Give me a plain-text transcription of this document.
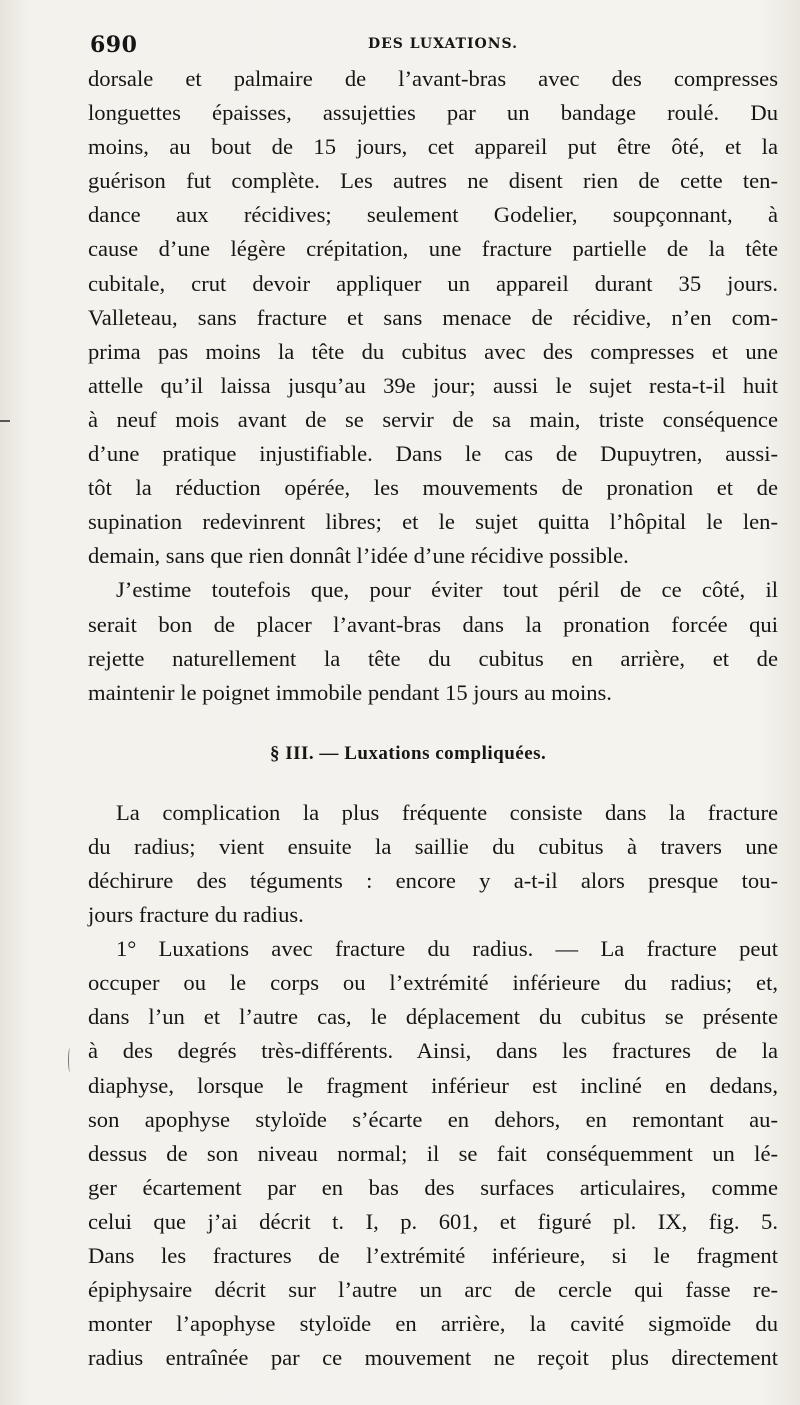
690	DES LUXATIONS.
dorsale et palmaire de l’avant-bras avec des compresses
longuettes épaisses, assujetties par un bandage roulé. Du
moins, au bout de 15 jours, cet appareil put être ôté, et la
guérison fut complète. Les autres ne disent rien de cette ten-
dance aux récidives; seulement Godelier, soupçonnant, à
cause d’une légère crépitation, une fracture partielle de la tête
cubitale, crut devoir appliquer un appareil durant 35 jours.
Valleteau, sans fracture et sans menace de récidive, n’en com-
prima pas moins la tête du cubitus avec des compresses et une
attelle qu’il laissa jusqu’au 39e jour; aussi le sujet resta-t-il huit
à neuf mois avant de se servir de sa main, triste conséquence
d’une pratique injustifiable. Dans le cas de Dupuytren, aussi-
tôt la réduction opérée, les mouvements de pronation et de
supination redevinrent libres; et le sujet quitta l’hôpital le len-
demain, sans que rien donnât l’idée d’une récidive possible.
J’estime toutefois que, pour éviter tout péril de ce côté, il
serait bon de placer l’avant-bras dans la pronation forcée qui
rejette naturellement la tête du cubitus en arrière, et de
maintenir le poignet immobile pendant 15 jours au moins.
§ III. — Luxations compliquées.
La complication la plus fréquente consiste dans la fracture
du radius; vient ensuite la saillie du cubitus à travers une
déchirure des téguments : encore y a-t-il alors presque tou-
jours fracture du radius.
1° Luxations avec fracture du radius. — La fracture peut
occuper ou le corps ou l’extrémité inférieure du radius; et,
dans l’un et l’autre cas, le déplacement du cubitus se présente
à des degrés très-différents. Ainsi, dans les fractures de la
diaphyse, lorsque le fragment inférieur est incliné en dedans,
son apophyse styloïde s’écarte en dehors, en remontant au-
dessus de son niveau normal; il se fait conséquemment un lé-
ger écartement par en bas des surfaces articulaires, comme
celui que j’ai décrit t. I, p. 601, et figuré pl. IX, fig. 5.
Dans les fractures de l’extrémité inférieure, si le fragment
épiphysaire décrit sur l’autre un arc de cercle qui fasse re-
monter l’apophyse styloïde en arrière, la cavité sigmoïde du
radius entraînée par ce mouvement ne reçoit plus directement
